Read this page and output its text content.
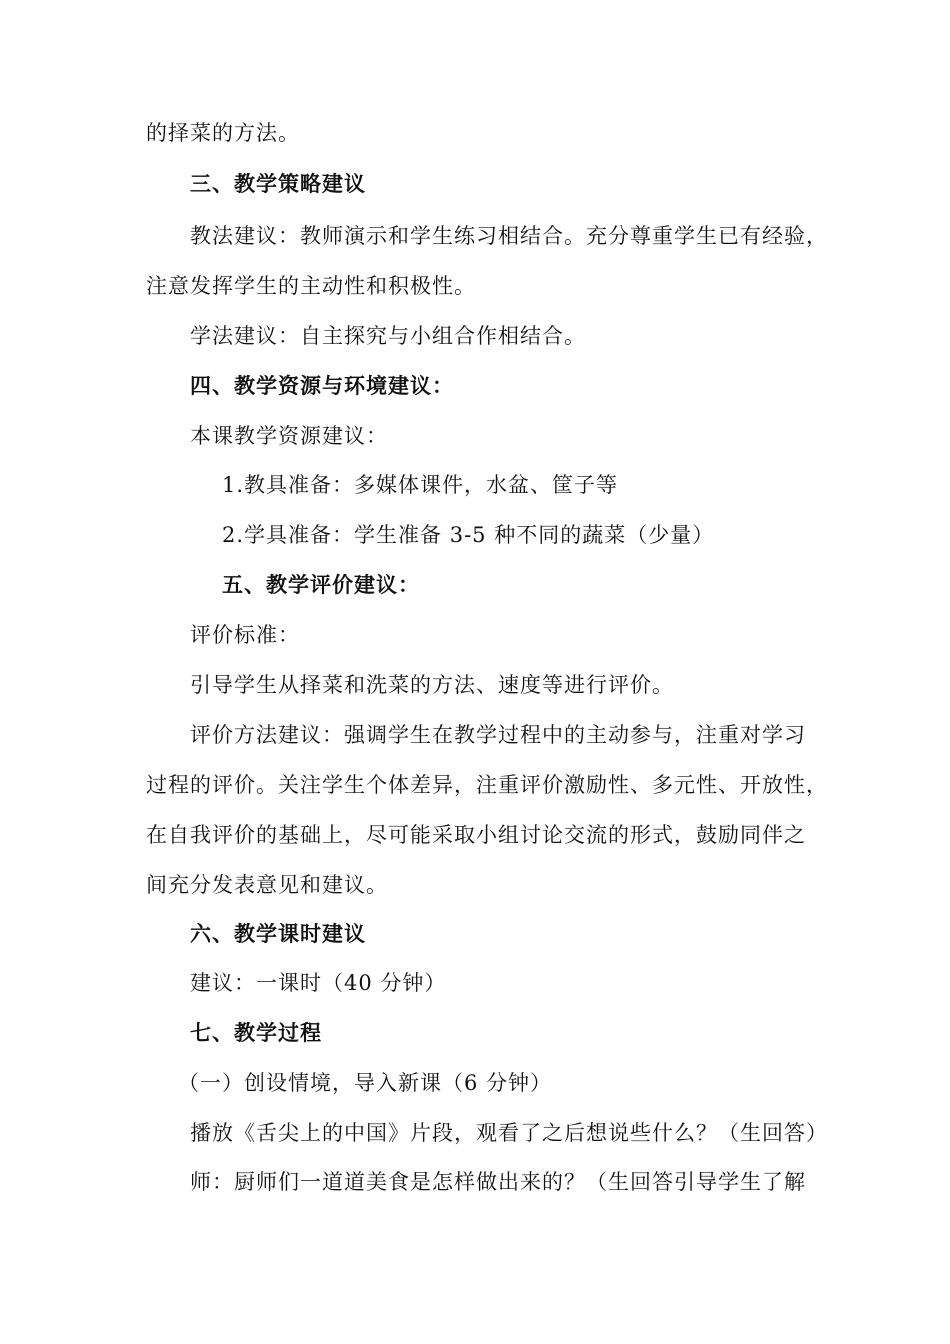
的择菜的方法。
三、教学策略建议
教法建议：教师演示和学生练习相结合。充分尊重学生已有经验，
注意发挥学生的主动性和积极性。
学法建议：自主探究与小组合作相结合。
四、教学资源与环境建议：
本课教学资源建议：
1.教具准备：多媒体课件，水盆、筐子等
2.学具准备：学生准备 3-5 种不同的蔬菜（少量）
五、教学评价建议：
评价标准：
引导学生从择菜和洗菜的方法、速度等进行评价。
评价方法建议：强调学生在教学过程中的主动参与，注重对学习
过程的评价。关注学生个体差异，注重评价激励性、多元性、开放性，
在自我评价的基础上，尽可能采取小组讨论交流的形式，鼓励同伴之
间充分发表意见和建议。
六、教学课时建议
建议：一课时（40 分钟）
七、教学过程
（一）创设情境，导入新课（6 分钟）
播放《舌尖上的中国》片段，观看了之后想说些什么？（生回答）
师：厨师们一道道美食是怎样做出来的？（生回答引导学生了解
